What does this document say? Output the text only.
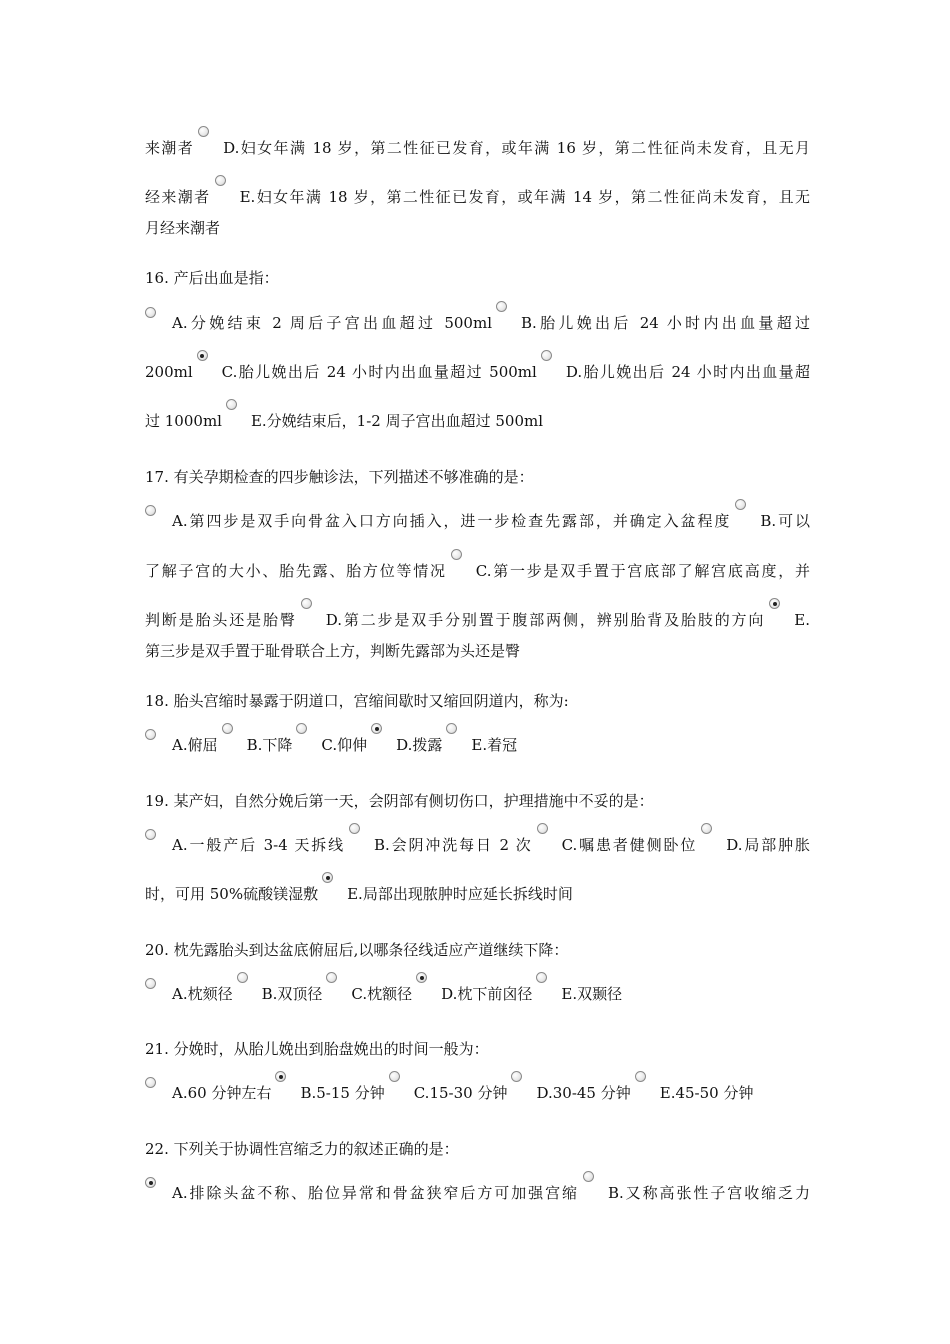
来潮者 D.妇女年满 18 岁，第二性征已发育，或年满 16 岁，第二性征尚未发育，且无月
经来潮者 E.妇女年满 18 岁，第二性征已发育，或年满 14 岁，第二性征尚未发育，且无
月经来潮者
16. 产后出血是指：
A.分娩结束 2 周后子宫出血超过 500ml B.胎儿娩出后 24 小时内出血量超过
200ml C.胎儿娩出后 24 小时内出血量超过 500ml D.胎儿娩出后 24 小时内出血量超
过 1000ml E.分娩结束后，1-2 周子宫出血超过 500ml
17. 有关孕期检查的四步触诊法，下列描述不够准确的是：
A.第四步是双手向骨盆入口方向插入，进一步检查先露部，并确定入盆程度 B.可以
了解子宫的大小、胎先露、胎方位等情况 C.第一步是双手置于宫底部了解宫底高度，并
判断是胎头还是胎臀 D.第二步是双手分别置于腹部两侧，辨别胎背及胎肢的方向 E.
第三步是双手置于耻骨联合上方，判断先露部为头还是臀
18. 胎头宫缩时暴露于阴道口，宫缩间歇时又缩回阴道内，称为:
A.俯屈 B.下降 C.仰伸 D.拨露 E.着冠
19. 某产妇，自然分娩后第一天，会阴部有侧切伤口，护理措施中不妥的是：
A.一般产后 3-4 天拆线 B.会阴冲洗每日 2 次 C.嘱患者健侧卧位 D.局部肿胀
时，可用 50%硫酸镁湿敷 E.局部出现脓肿时应延长拆线时间
20. 枕先露胎头到达盆底俯屈后,以哪条径线适应产道继续下降：
A.枕颏径 B.双顶径 C.枕额径 D.枕下前囟径 E.双颞径
21. 分娩时，从胎儿娩出到胎盘娩出的时间一般为：
A.60 分钟左右 B.5-15 分钟 C.15-30 分钟 D.30-45 分钟 E.45-50 分钟
22. 下列关于协调性宫缩乏力的叙述正确的是：
A.排除头盆不称、胎位异常和骨盆狭窄后方可加强宫缩 B.又称高张性子宫收缩乏力
